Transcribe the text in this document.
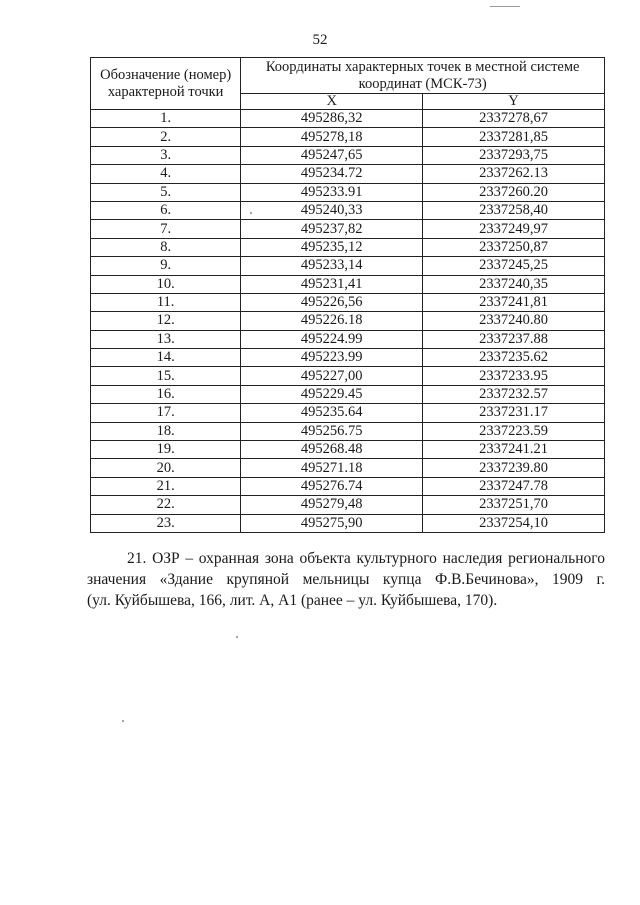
52
Обозначение (номер) характерной точки	Координаты характерных точек в местной системе координат (МСК-73)	
	X	Y
1.	495286,32	2337278,67
2.	495278,18	2337281,85
3.	495247,65	2337293,75
4.	495234.72	2337262.13
5.	495233.91	2337260.20
6.	495240,33	2337258,40
7.	495237,82	2337249,97
8.	495235,12	2337250,87
9.	495233,14	2337245,25
10.	495231,41	2337240,35
11.	495226,56	2337241,81
12.	495226.18	2337240.80
13.	495224.99	2337237.88
14.	495223.99	2337235.62
15.	495227,00	2337233.95
16.	495229.45	2337232.57
17.	495235.64	2337231.17
18.	495256.75	2337223.59
19.	495268.48	2337241.21
20.	495271.18	2337239.80
21.	495276.74	2337247.78
22.	495279,48	2337251,70
23.	495275,90	2337254,10
21. ОЗР – охранная зона объекта культурного наследия регионального
значения «Здание крупяной мельницы купца Ф.В.Бечинова», 1909 г.
(ул. Куйбышева, 166, лит. А, А1 (ранее – ул. Куйбышева, 170).
